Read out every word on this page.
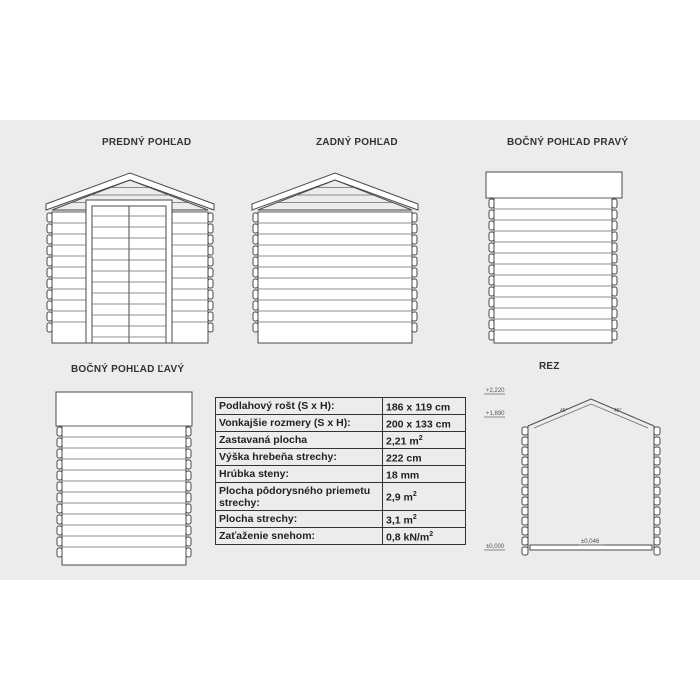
PREDNÝ POHĽAD	ZADNÝ POHĽAD	BOČNÝ POHĽAD PRAVÝ
BOČNÝ POHĽAD ĽAVÝ	REZ
+2,220
+1,890
±0,000
±0,046
45°	45°
Podlahový rošt (S x H):	186 x 119 cm
Vonkajšie rozmery (S x H):	200 x 133 cm
Zastavaná plocha	2,21 $m^2$
Výška hrebeňa strechy:	222 cm
Hrúbka steny:	18 mm
Plocha pôdorysného priemetu strechy:	2,9 $m^2$
Plocha strechy:	3,1 $m^2$
Zaťaženie snehom:	0,8 $kN/m^2$
